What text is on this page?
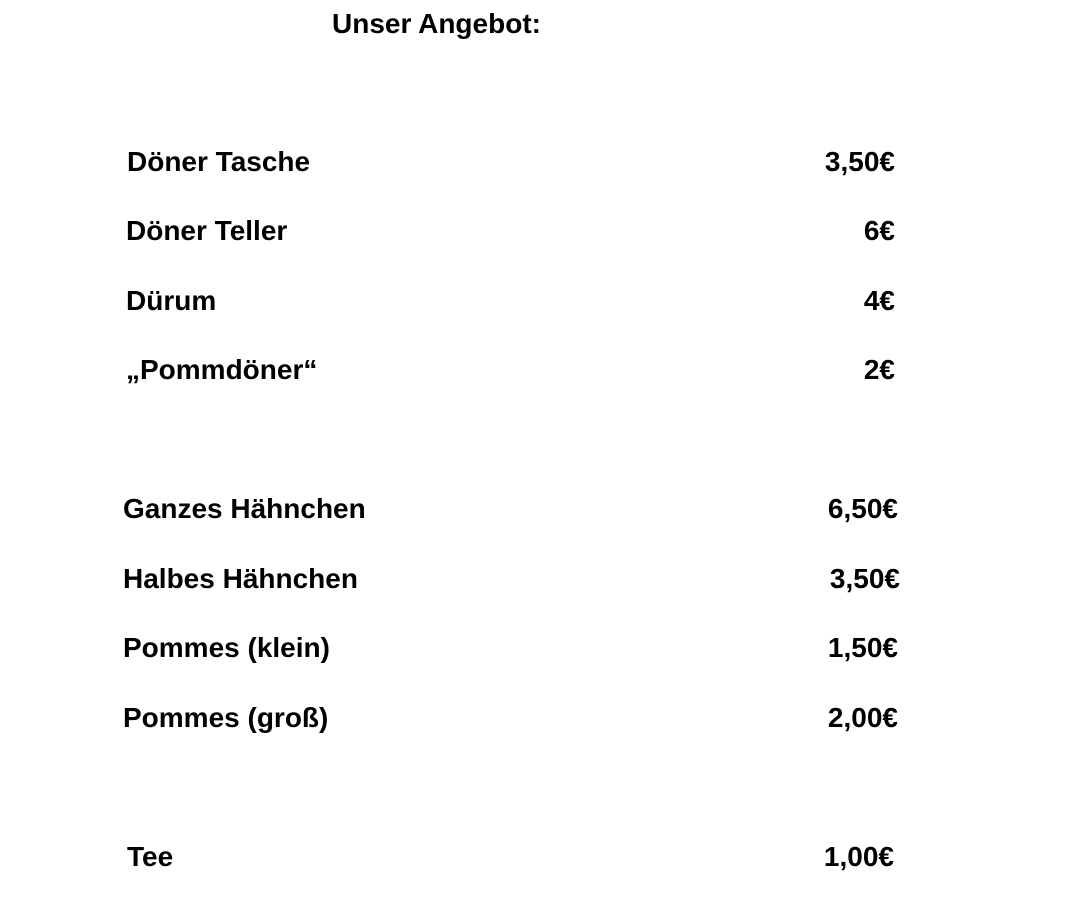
Unser Angebot:
Döner Tasche	3,50€
Döner Teller	6€
Dürum	4€
„Pommdöner“	2€
Ganzes Hähnchen	6,50€
Halbes Hähnchen	3,50€
Pommes (klein)	1,50€
Pommes (groß)	2,00€
Tee	1,00€
